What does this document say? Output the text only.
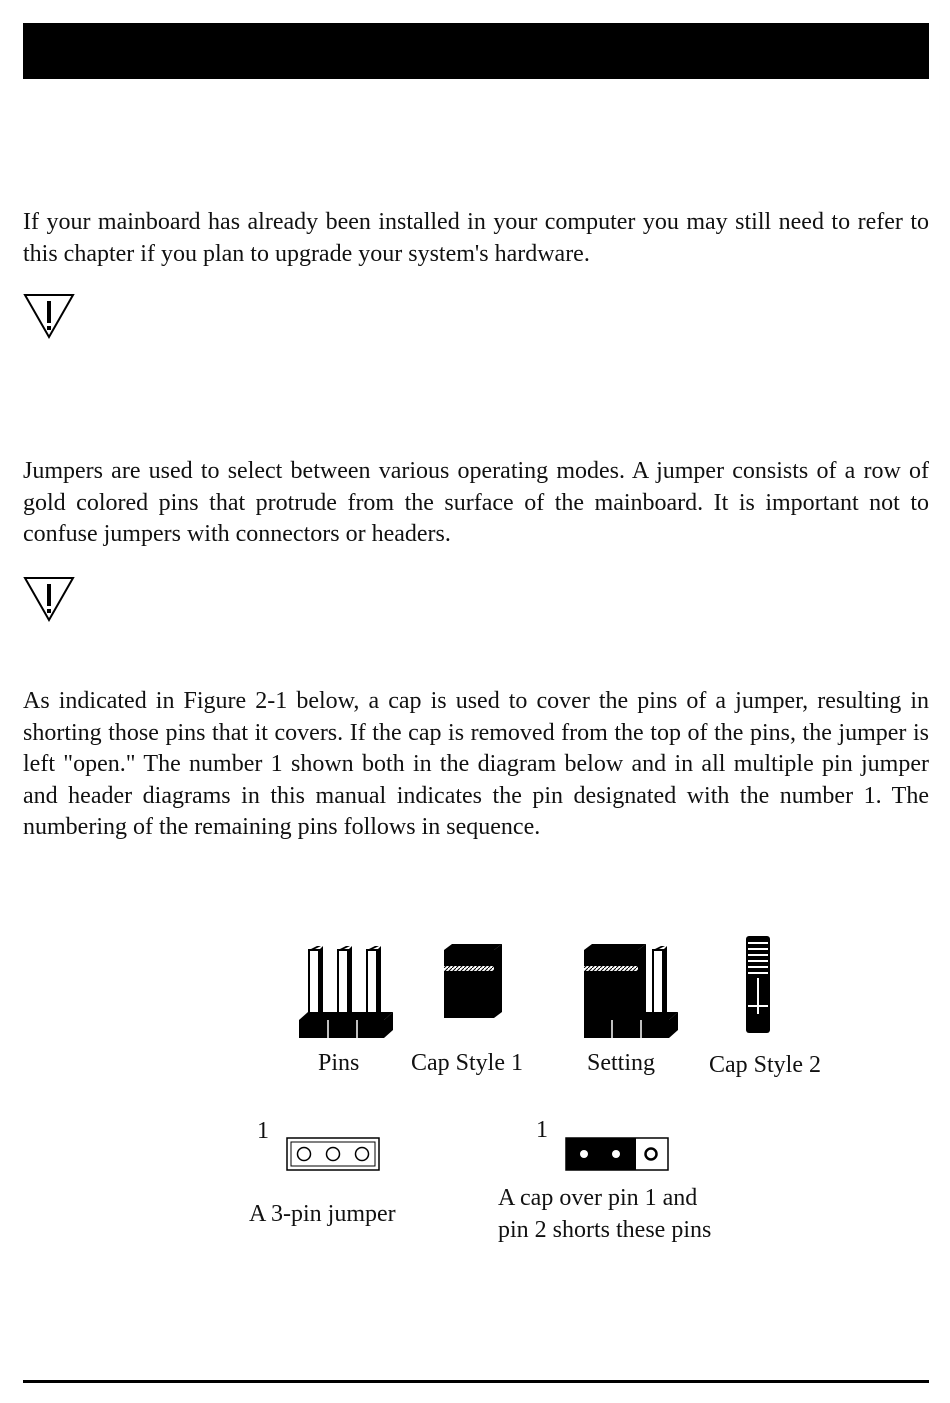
If your mainboard has already been installed in your computer you may still need to refer to this chapter if you plan to upgrade your system's hardware.

Jumpers are used to select between various operating modes. A jumper consists of a row of gold colored pins that protrude from the surface of the mainboard. It is important not to confuse jumpers with connectors or headers.

As indicated in Figure 2-1 below, a cap is used to cover the pins of a jumper, resulting in shorting those pins that it covers. If the cap is removed from the top of the pins, the jumper is left "open." The number 1 shown both in the diagram below and in all multiple pin jumper and header diagrams in this manual indicates the pin designated with the number 1. The numbering of the remaining pins follows in sequence.

Pins Cap Style 1	Setting Cap Style 2
1	1
A 3-pin jumper
A cap over pin 1 and
pin 2 shorts these pins
